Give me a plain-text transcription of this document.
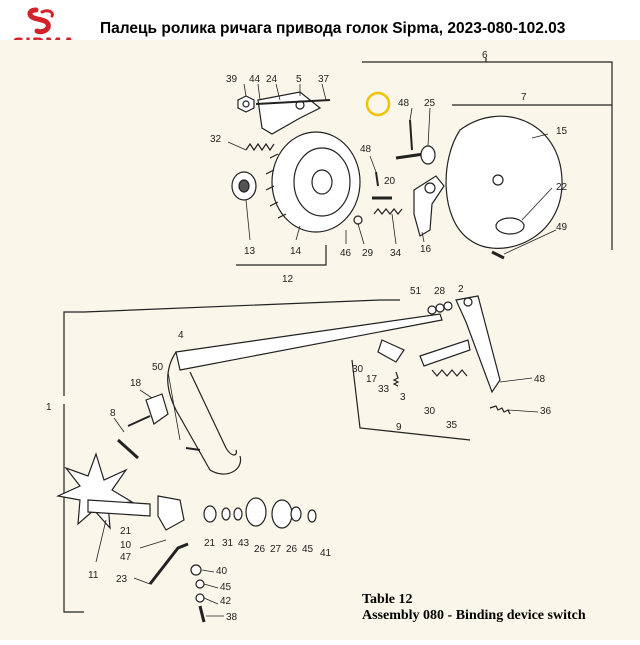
Палець ролика ричага привода голок Sipma, 2023-080-102.03
39 44 24 5 37
32
13	14
12
6
48 25
7
15
48
20
22
49
46 29 34 16
51 28 2
4
50
18
8
1
30
17
33
3
30
35
9
48
36
21
10
47
11 23
21 31 43
26 27 26 45 41
40
45
42
38
Table 12
Assembly 080 - Binding device switch
